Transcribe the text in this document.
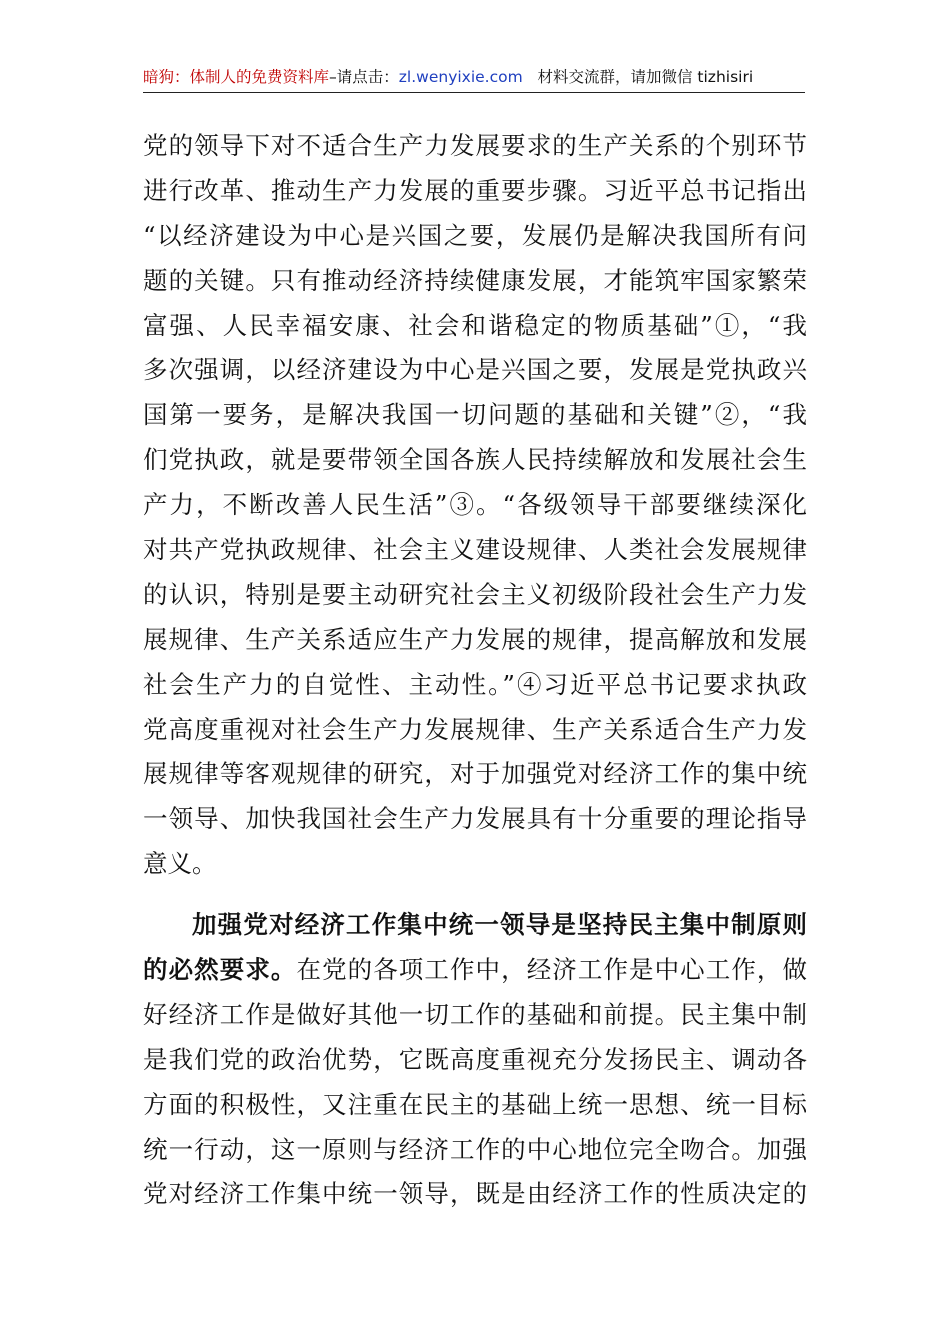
暗狗：体制人的免费资料库–请点击：zl.wenyixie.com 材料交流群，请加微信 tizhisiri
党的领导下对不适合生产力发展要求的生产关系的个别环节
进行改革、推动生产力发展的重要步骤。习近平总书记指出
“以经济建设为中心是兴国之要，发展仍是解决我国所有问
题的关键。只有推动经济持续健康发展，才能筑牢国家繁荣
富强、人民幸福安康、社会和谐稳定的物质基础”①，“我
多次强调，以经济建设为中心是兴国之要，发展是党执政兴
国第一要务，是解决我国一切问题的基础和关键”②，“我
们党执政，就是要带领全国各族人民持续解放和发展社会生
产力，不断改善人民生活”③。“各级领导干部要继续深化
对共产党执政规律、社会主义建设规律、人类社会发展规律
的认识，特别是要主动研究社会主义初级阶段社会生产力发
展规律、生产关系适应生产力发展的规律，提高解放和发展
社会生产力的自觉性、主动性。”④习近平总书记要求执政
党高度重视对社会生产力发展规律、生产关系适合生产力发
展规律等客观规律的研究，对于加强党对经济工作的集中统
一领导、加快我国社会生产力发展具有十分重要的理论指导
意义。
加强党对经济工作集中统一领导是坚持民主集中制原则
的必然要求。在党的各项工作中，经济工作是中心工作，做
好经济工作是做好其他一切工作的基础和前提。民主集中制
是我们党的政治优势，它既高度重视充分发扬民主、调动各
方面的积极性，又注重在民主的基础上统一思想、统一目标
统一行动，这一原则与经济工作的中心地位完全吻合。加强
党对经济工作集中统一领导，既是由经济工作的性质决定的
